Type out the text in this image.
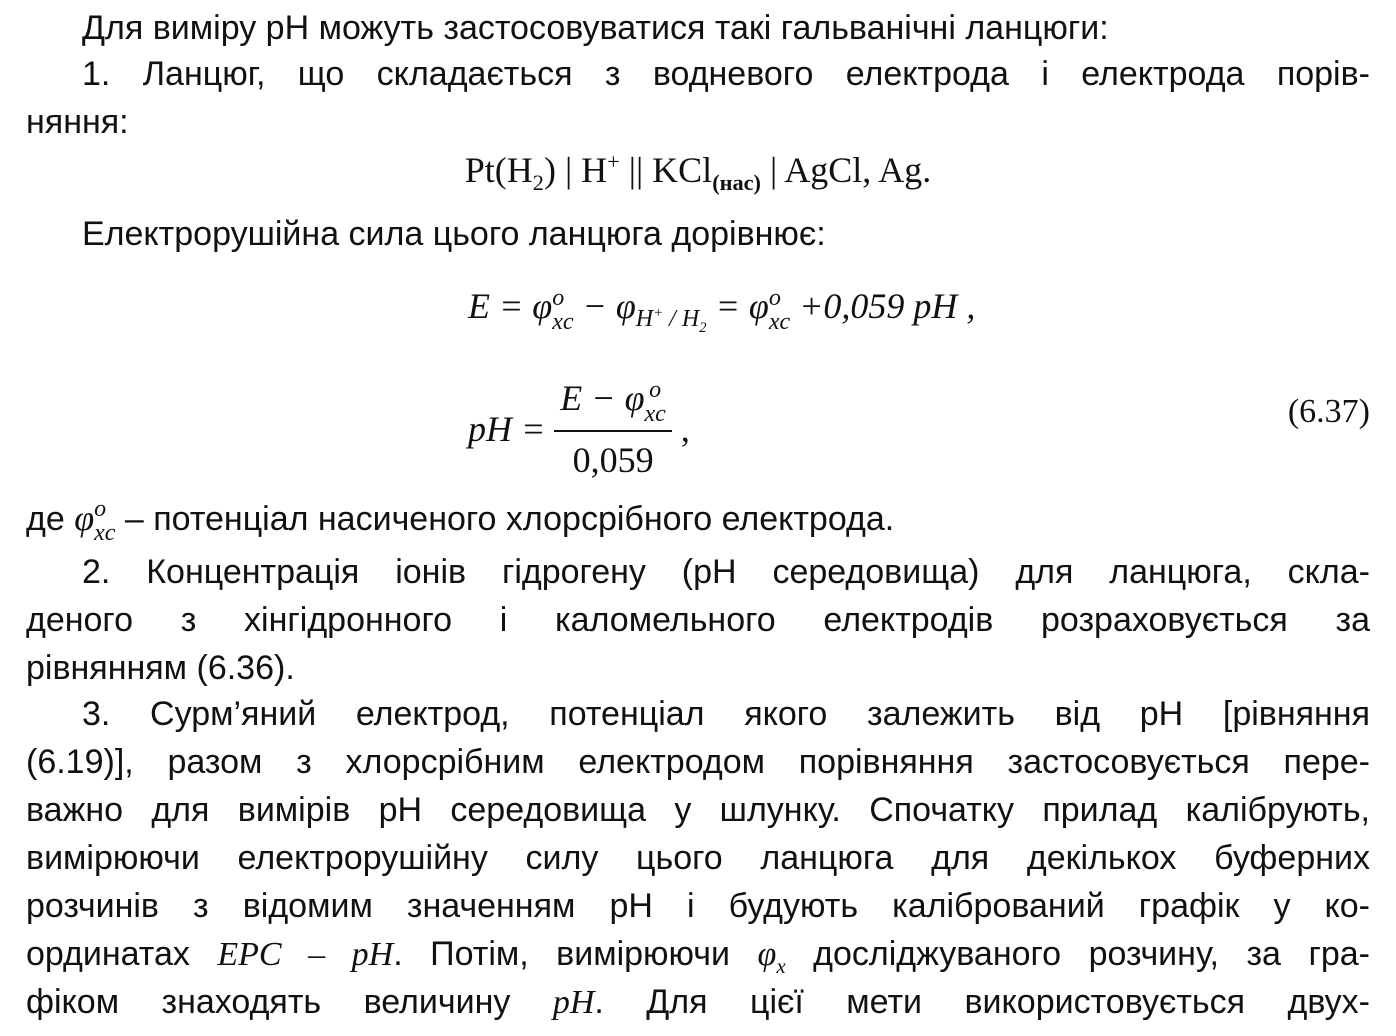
Для виміру pH можуть застосовуватися такі гальванічні ланцюги:
1. Ланцюг, що складається з водневого електрода і електрода порів-
няння:
$Pt(H_2)$ | H+ || KCl$_{(нас)}$ | AgCl, Ag.
Електрорушійна сила цього ланцюга дорівнює:
E = φ o
xc − $\varphi_{H^+ / H_2} = \varphi$ o
xc +0,059 pH ,
pH = E − φ o
xc
0,059 ,	(6.37)
де φ o
xc – потенціал насиченого хлорсрібного електрода.
2. Концентрація іонів гідрогену (pH середовища) для ланцюга, скла-
деного з хінгідронного і каломельного електродів розраховується за
рівнянням (6.36).
3. Сурм’яний електрод, потенціал якого залежить від pH [рівняння
(6.19)], разом з хлорсрібним електродом порівняння застосовується пере-
важно для вимірів pH середовища у шлунку. Спочатку прилад калібрують,
вимірюючи електрорушійну силу цього ланцюга для декількох буферних
розчинів з відомим значенням pH і будують калібрований графік у ко-
ординатах EPC – pH. Потім, вимірюючи $\varphi_x$ досліджуваного розчину, за гра-
фіком знаходять величину pH. Для цієї мети використовується двух-
